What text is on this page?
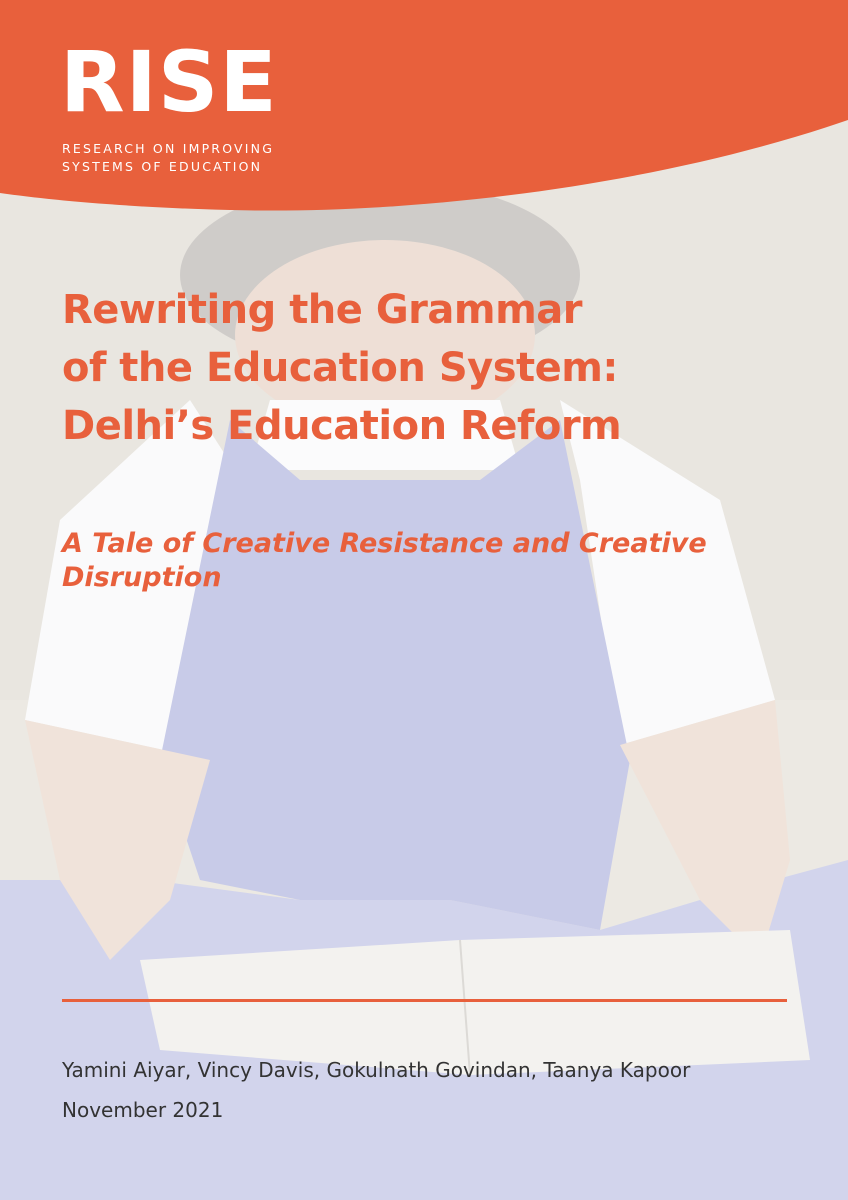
RISE
RESEARCH ON IMPROVING
SYSTEMS OF EDUCATION
Rewriting the Grammar
of the Education System:
Delhi’s Education Reform
A Tale of Creative Resistance and Creative
Disruption
Yamini Aiyar, Vincy Davis, Gokulnath Govindan, Taanya Kapoor
November 2021
